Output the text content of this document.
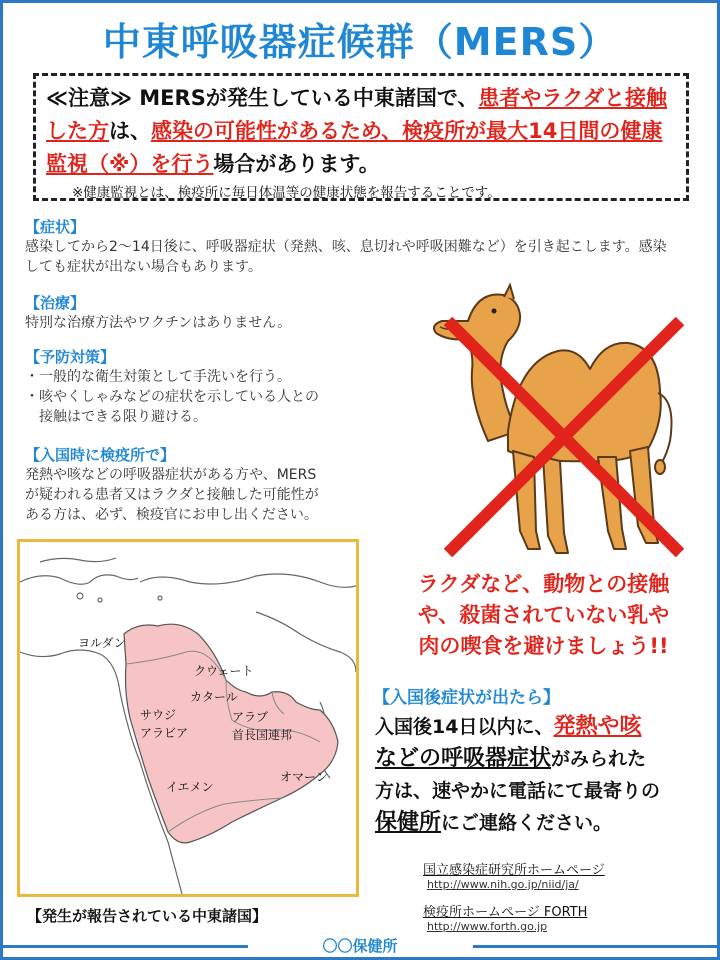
中東呼吸器症候群（MERS）
≪注意≫ MERSが発生している中東諸国で、患者やラクダと接触した方は、感染の可能性があるため、検疫所が最大14日間の健康監視（※）を行う場合があります。
※健康監視とは、検疫所に毎日体温等の健康状態を報告することです。
【症状】
感染してから2〜14日後に、呼吸器症状（発熱、咳、息切れや呼吸困難など）を引き起こします。感染しても症状が出ない場合もあります。
【治療】
特別な治療方法やワクチンはありません。
【予防対策】
・一般的な衛生対策として手洗いを行う。
・咳やくしゃみなどの症状を示している人との
　接触はできる限り避ける。
【入国時に検疫所で】
発熱や咳などの呼吸器症状がある方や、MERS
が疑われる患者又はラクダと接触した可能性が
ある方は、必ず、検疫官にお申し出ください。
ラクダなど、動物との接触
や、殺菌されていない乳や
肉の喫食を避けましょう!!
【入国後症状が出たら】
入国後14日以内に、発熱や咳
などの呼吸器症状がみられた
方は、速やかに電話にて最寄りの
保健所にご連絡ください。
ヨルダン
クウェート
カタール
サウジ
アラビア
アラブ
首長国連邦
イエメン
オマーン
【発生が報告されている中東諸国】
国立感染症研究所ホームページ
http://www.nih.go.jp/niid/ja/
検疫所ホームページ FORTH
http://www.forth.go.jp
〇〇保健所
